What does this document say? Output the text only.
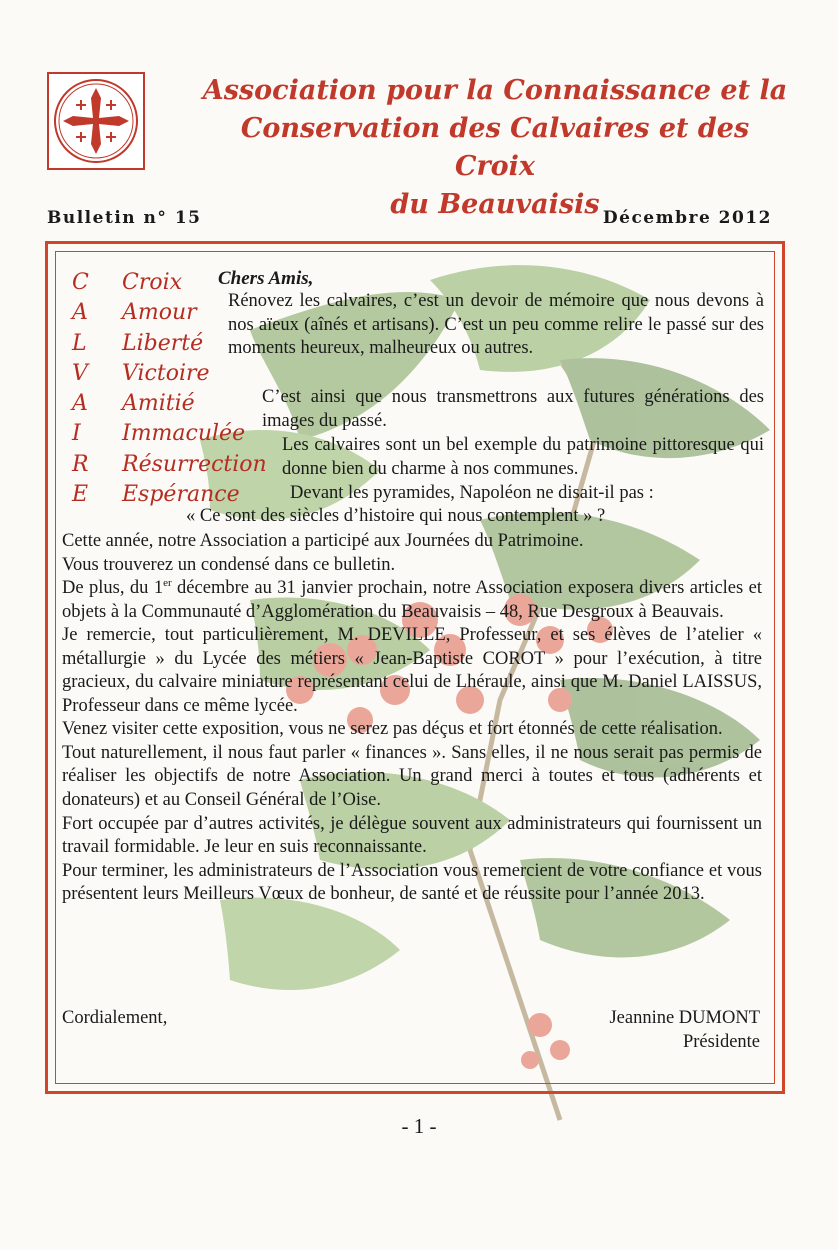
Association pour la Connaissance et la
Conservation des Calvaires et des Croix
du Beauvaisis
Bulletin n° 15	Décembre 2012
C	Croix
A	Amour
L	Liberté
V	Victoire
A	Amitié
I	Immaculée
R	Résurrection
E	Espérance
Chers Amis,
Rénovez les calvaires, c’est un devoir de mémoire que nous devons à nos aïeux (aînés et artisans). C’est un peu comme relire le passé sur des moments heureux, malheureux ou autres.
C’est ainsi que nous transmettrons aux futures générations des images du passé.
Les calvaires sont un bel exemple du patrimoine pittoresque qui donne bien du charme à nos communes.
Devant les pyramides, Napoléon ne disait-il pas :
« Ce sont des siècles d’histoire qui nous contemplent » ?

Cette année, notre Association a participé aux Journées du Patrimoine.

Vous trouverez un condensé dans ce bulletin.

De plus, du 1er décembre au 31 janvier prochain, notre Association exposera divers articles et objets à la Communauté d’Agglomération du Beauvaisis – 48, Rue Desgroux à Beauvais.

Je remercie, tout particulièrement, M. DEVILLE, Professeur, et ses élèves de l’atelier « métallurgie » du Lycée des métiers « Jean-Baptiste COROT » pour l’exécution, à titre gracieux, du calvaire miniature représentant celui de Lhéraule, ainsi que M. Daniel LAISSUS, Professeur dans ce même lycée.

Venez visiter cette exposition, vous ne serez pas déçus et fort étonnés de cette réalisation.

Tout naturellement, il nous faut parler « finances ». Sans elles, il ne nous serait pas permis de réaliser les objectifs de notre Association. Un grand merci à toutes et tous (adhérents et donateurs) et au Conseil Général de l’Oise.

Fort occupée par d’autres activités, je délègue souvent aux administrateurs qui fournissent un travail formidable. Je leur en suis reconnaissante.

Pour terminer, les administrateurs de l’Association vous remercient de votre confiance et vous présentent leurs Meilleurs Vœux de bonheur, de santé et de réussite pour l’année 2013.

Cordialement,	Jeannine DUMONT
Présidente
- 1 -
